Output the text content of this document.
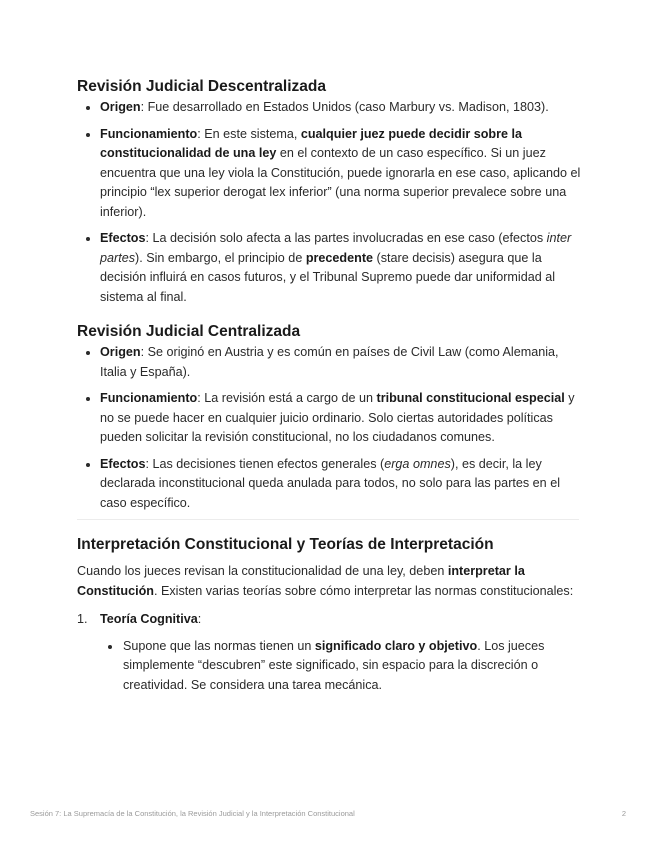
Revisión Judicial Descentralizada
Origen: Fue desarrollado en Estados Unidos (caso Marbury vs. Madison, 1803).
Funcionamiento: En este sistema, cualquier juez puede decidir sobre la constitucionalidad de una ley en el contexto de un caso específico. Si un juez encuentra que una ley viola la Constitución, puede ignorarla en ese caso, aplicando el principio “lex superior derogat lex inferior” (una norma superior prevalece sobre una inferior).
Efectos: La decisión solo afecta a las partes involucradas en ese caso (efectos inter partes). Sin embargo, el principio de precedente (stare decisis) asegura que la decisión influirá en casos futuros, y el Tribunal Supremo puede dar uniformidad al sistema al final.
Revisión Judicial Centralizada
Origen: Se originó en Austria y es común en países de Civil Law (como Alemania, Italia y España).
Funcionamiento: La revisión está a cargo de un tribunal constitucional especial y no se puede hacer en cualquier juicio ordinario. Solo ciertas autoridades políticas pueden solicitar la revisión constitucional, no los ciudadanos comunes.
Efectos: Las decisiones tienen efectos generales (erga omnes), es decir, la ley declarada inconstitucional queda anulada para todos, no solo para las partes en el caso específico.
Interpretación Constitucional y Teorías de Interpretación

Cuando los jueces revisan la constitucionalidad de una ley, deben interpretar la Constitución. Existen varias teorías sobre cómo interpretar las normas constitucionales:

1. Teoría Cognitiva:
Supone que las normas tienen un significado claro y objetivo. Los jueces simplemente “descubren” este significado, sin espacio para la discreción o creatividad. Se considera una tarea mecánica.
Sesión 7: La Supremacía de la Constitución, la Revisión Judicial y la Interpretación Constitucional	2
